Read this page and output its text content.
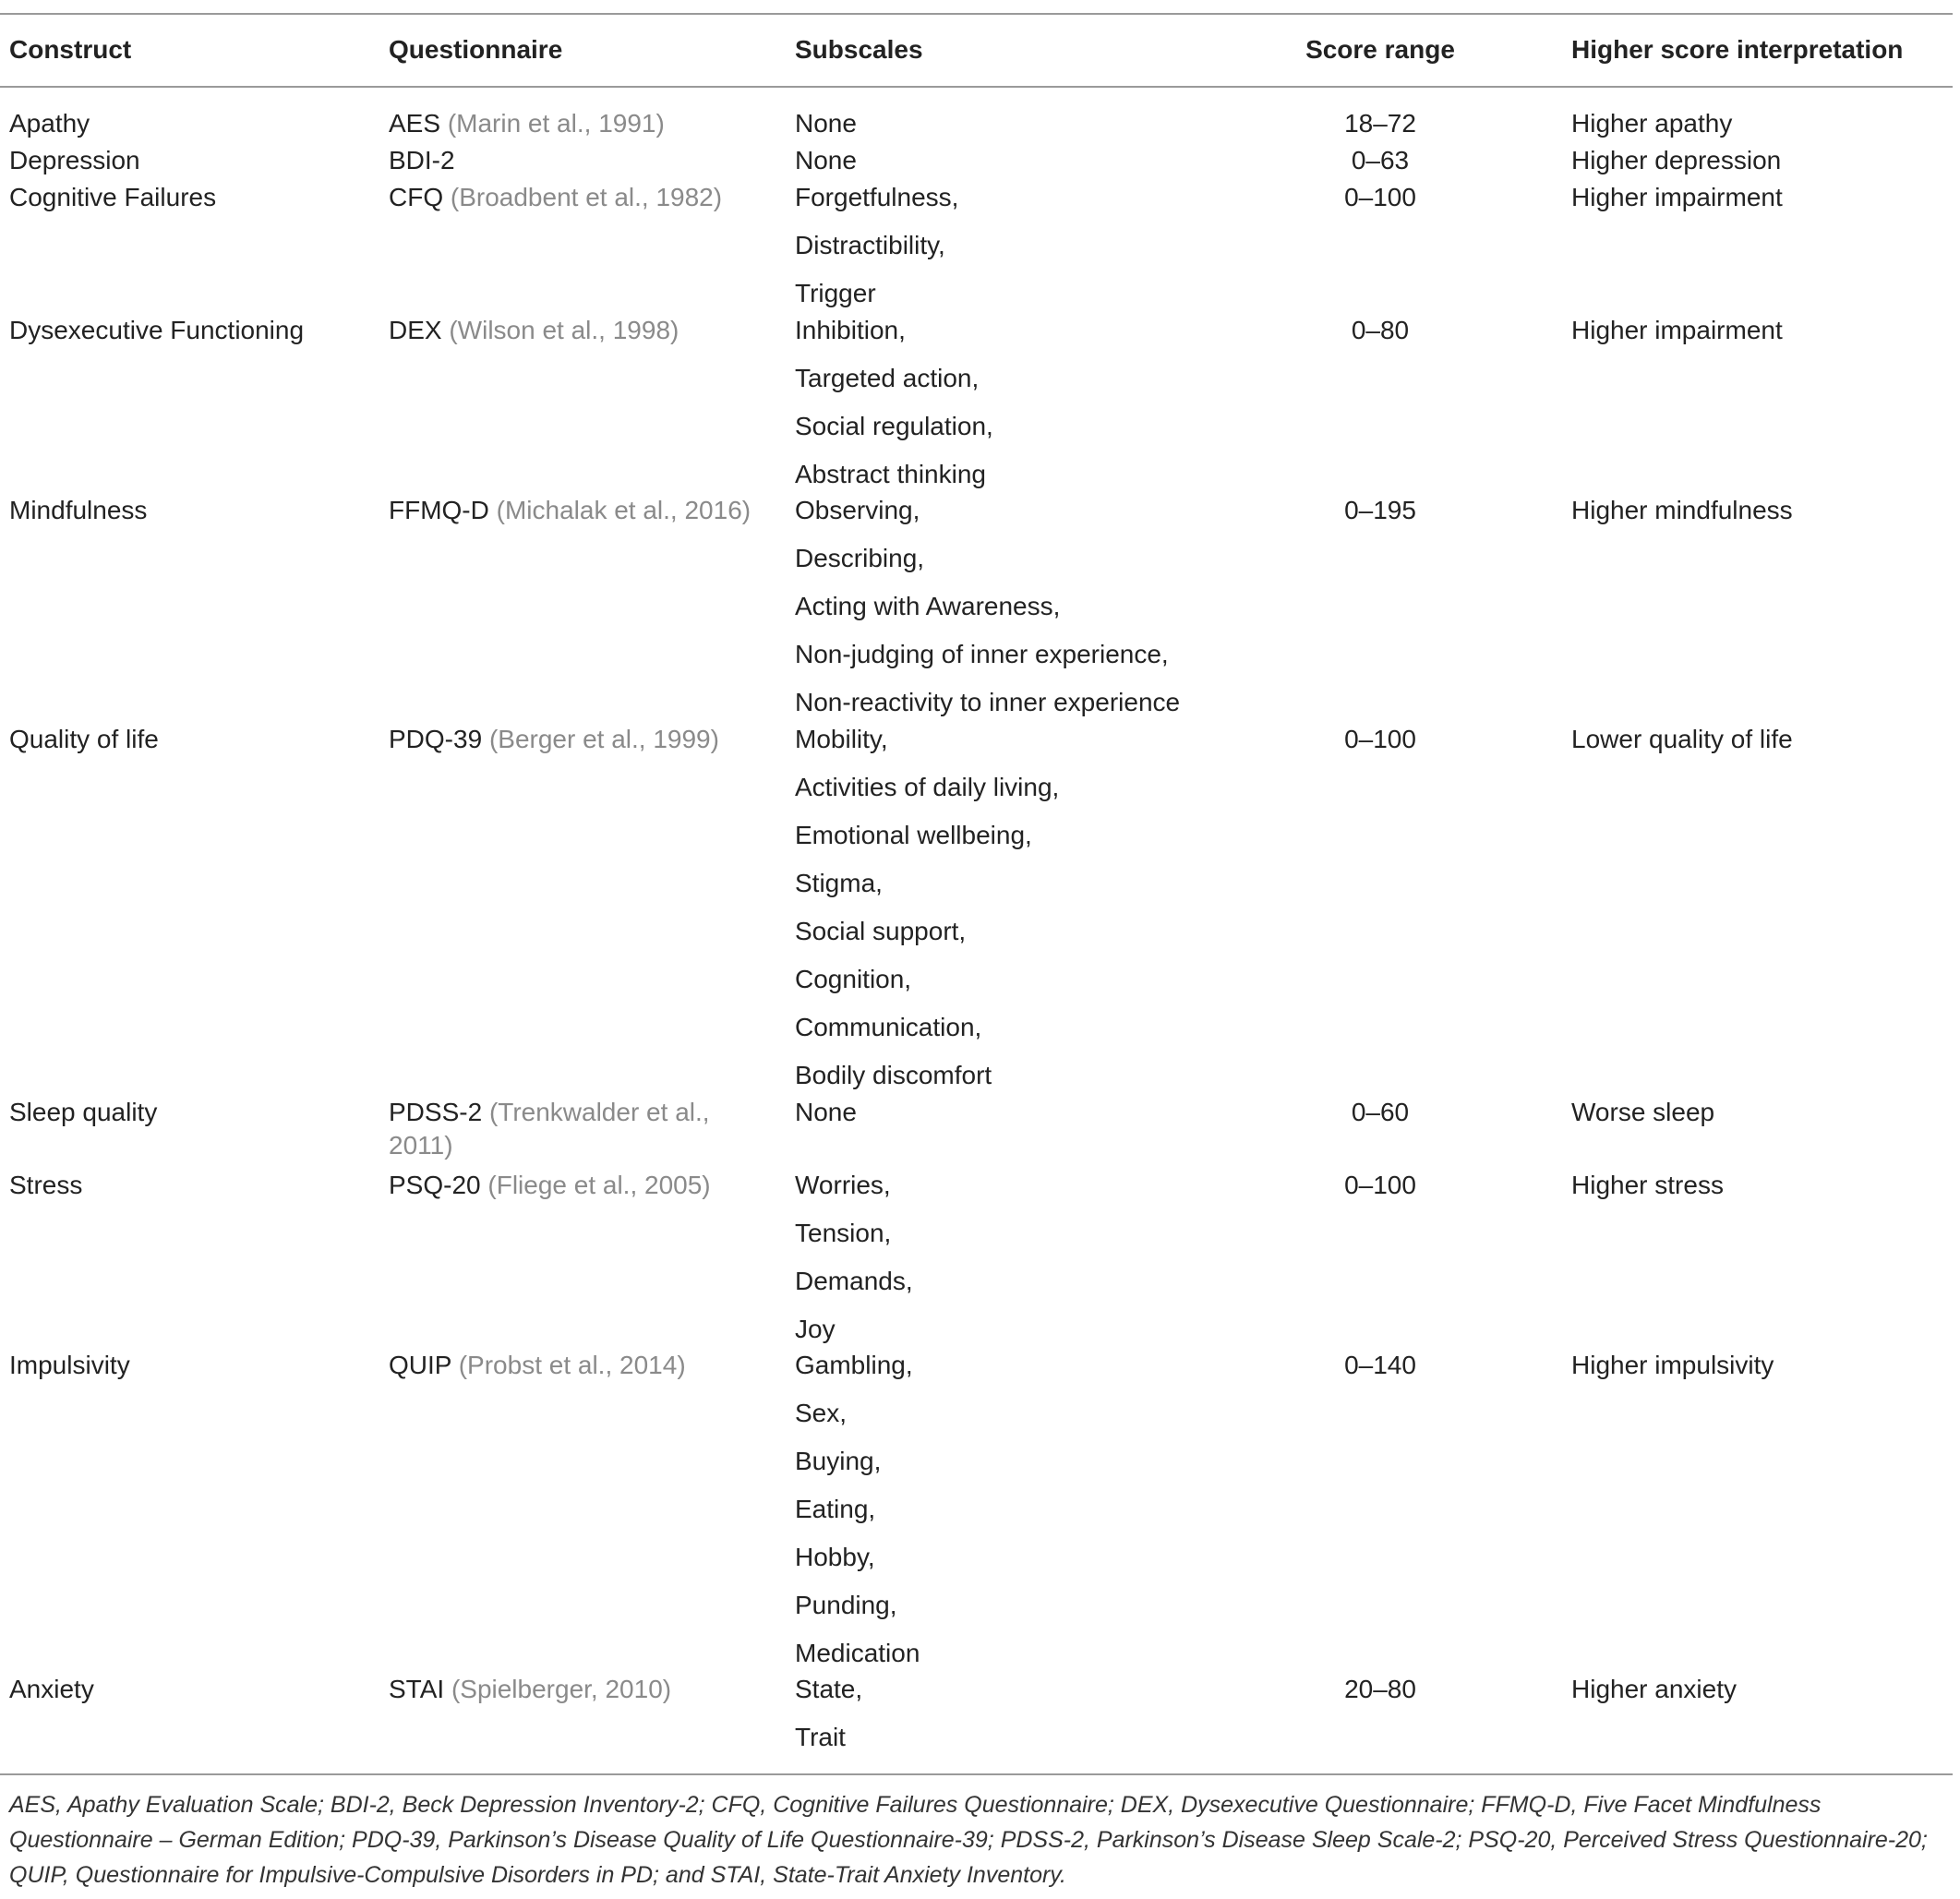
Construct	Questionnaire	Subscales	Score range	Higher score interpretation
Apathy	AES (Marin et al., 1991)	None	18–72	Higher apathy
Depression	BDI-2	None	0–63	Higher depression
Cognitive Failures	CFQ (Broadbent et al., 1982)	Forgetfulness,
Distractibility,
Trigger
0–100	Higher impairment
Dysexecutive Functioning	DEX (Wilson et al., 1998)	Inhibition,
Targeted action,
Social regulation,
Abstract thinking
0–80	Higher impairment
Mindfulness	FFMQ-D (Michalak et al., 2016) Observing,
Describing,
Acting with Awareness,
Non-judging of inner experience,
Non-reactivity to inner experience
0–195	Higher mindfulness
Quality of life	PDQ-39 (Berger et al., 1999)	Mobility,
Activities of daily living,
Emotional wellbeing,
Stigma,
Social support,
Cognition,
Communication,
Bodily discomfort
0–100	Lower quality of life
Sleep quality	PDSS-2 (Trenkwalder et al.,
2011)
None	0–60	Worse sleep
Stress	PSQ-20 (Fliege et al., 2005)	Worries,
Tension,
Demands,
Joy
0–100	Higher stress
Impulsivity	QUIP (Probst et al., 2014)	Gambling,
Sex,
Buying,
Eating,
Hobby,
Punding,
Medication
0–140	Higher impulsivity
Anxiety	STAI (Spielberger, 2010)	State,
Trait
20–80	Higher anxiety
AES, Apathy Evaluation Scale; BDI-2, Beck Depression Inventory-2; CFQ, Cognitive Failures Questionnaire; DEX, Dysexecutive Questionnaire; FFMQ-D, Five Facet Mindfulness Questionnaire – German Edition; PDQ-39, Parkinson’s Disease Quality of Life Questionnaire-39; PDSS-2, Parkinson’s Disease Sleep Scale-2; PSQ-20, Perceived Stress Questionnaire-20; QUIP, Questionnaire for Impulsive-Compulsive Disorders in PD; and STAI, State-Trait Anxiety Inventory.
